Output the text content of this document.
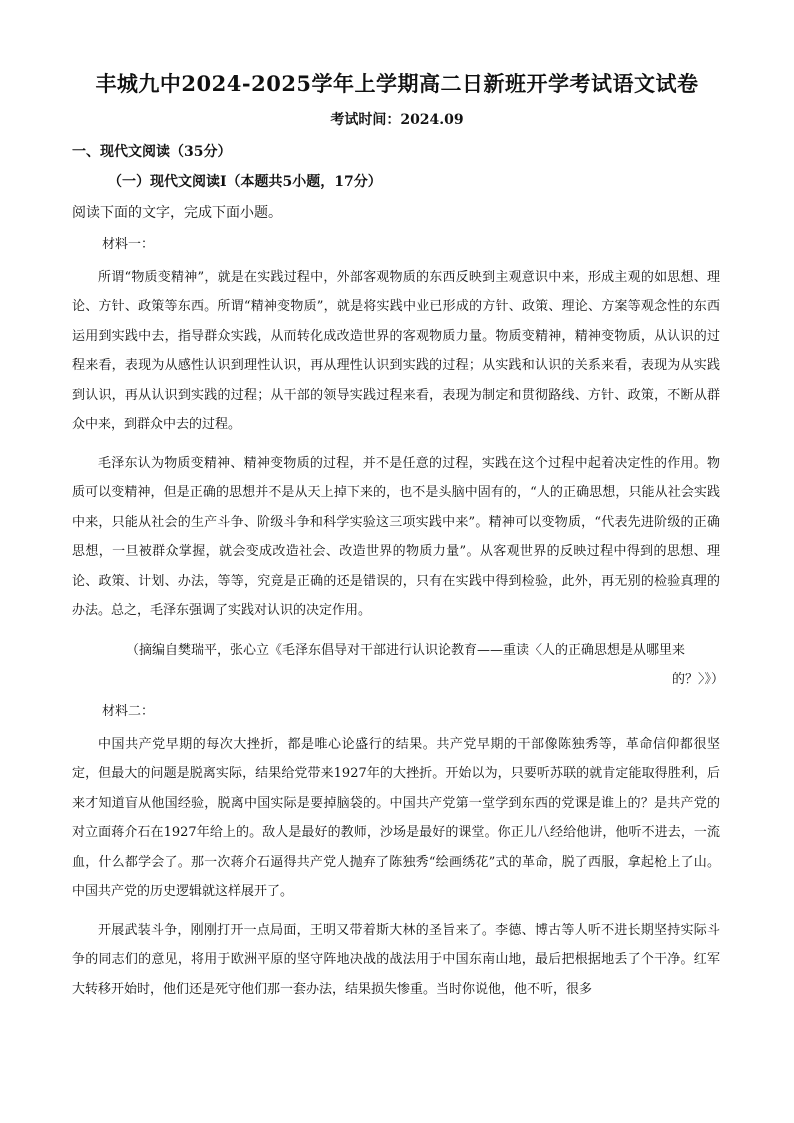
丰城九中2024-2025学年上学期高二日新班开学考试语文试卷
考试时间：2024.09
一、现代文阅读（35分）
（一）现代文阅读Ⅰ（本题共5小题，17分）
阅读下面的文字，完成下面小题。
材料一：

所谓“物质变精神”，就是在实践过程中，外部客观物质的东西反映到主观意识中来，形成主观的如思想、理论、方针、政策等东西。所谓“精神变物质”，就是将实践中业已形成的方针、政策、理论、方案等观念性的东西运用到实践中去，指导群众实践，从而转化成改造世界的客观物质力量。物质变精神，精神变物质，从认识的过程来看，表现为从感性认识到理性认识，再从理性认识到实践的过程；从实践和认识的关系来看，表现为从实践到认识，再从认识到实践的过程；从干部的领导实践过程来看，表现为制定和贯彻路线、方针、政策，不断从群众中来，到群众中去的过程。

毛泽东认为物质变精神、精神变物质的过程，并不是任意的过程，实践在这个过程中起着决定性的作用。物质可以变精神，但是正确的思想并不是从天上掉下来的，也不是头脑中固有的，“人的正确思想，只能从社会实践中来，只能从社会的生产斗争、阶级斗争和科学实验这三项实践中来”。精神可以变物质，“代表先进阶级的正确思想，一旦被群众掌握，就会变成改造社会、改造世界的物质力量”。从客观世界的反映过程中得到的思想、理论、政策、计划、办法，等等，究竟是正确的还是错误的，只有在实践中得到检验，此外，再无别的检验真理的办法。总之，毛泽东强调了实践对认识的决定作用。

（摘编自樊瑞平，张心立《毛泽东倡导对干部进行认识论教育——重读〈人的正确思想是从哪里来
的？〉》）

材料二：

中国共产党早期的每次大挫折，都是唯心论盛行的结果。共产党早期的干部像陈独秀等，革命信仰都很坚定，但最大的问题是脱离实际，结果给党带来1927年的大挫折。开始以为，只要听苏联的就肯定能取得胜利，后来才知道盲从他国经验，脱离中国实际是要掉脑袋的。中国共产党第一堂学到东西的党课是谁上的？是共产党的对立面蒋介石在1927年给上的。敌人是最好的教师，沙场是最好的课堂。你正儿八经给他讲，他听不进去，一流血，什么都学会了。那一次蒋介石逼得共产党人抛弃了陈独秀“绘画绣花”式的革命，脱了西服，拿起枪上了山。中国共产党的历史逻辑就这样展开了。

开展武装斗争，刚刚打开一点局面，王明又带着斯大林的圣旨来了。李德、博古等人听不进长期坚持实际斗争的同志们的意见，将用于欧洲平原的坚守阵地决战的战法用于中国东南山地，最后把根据地丢了个干净。红军大转移开始时，他们还是死守他们那一套办法，结果损失惨重。当时你说他，他不听，很多
